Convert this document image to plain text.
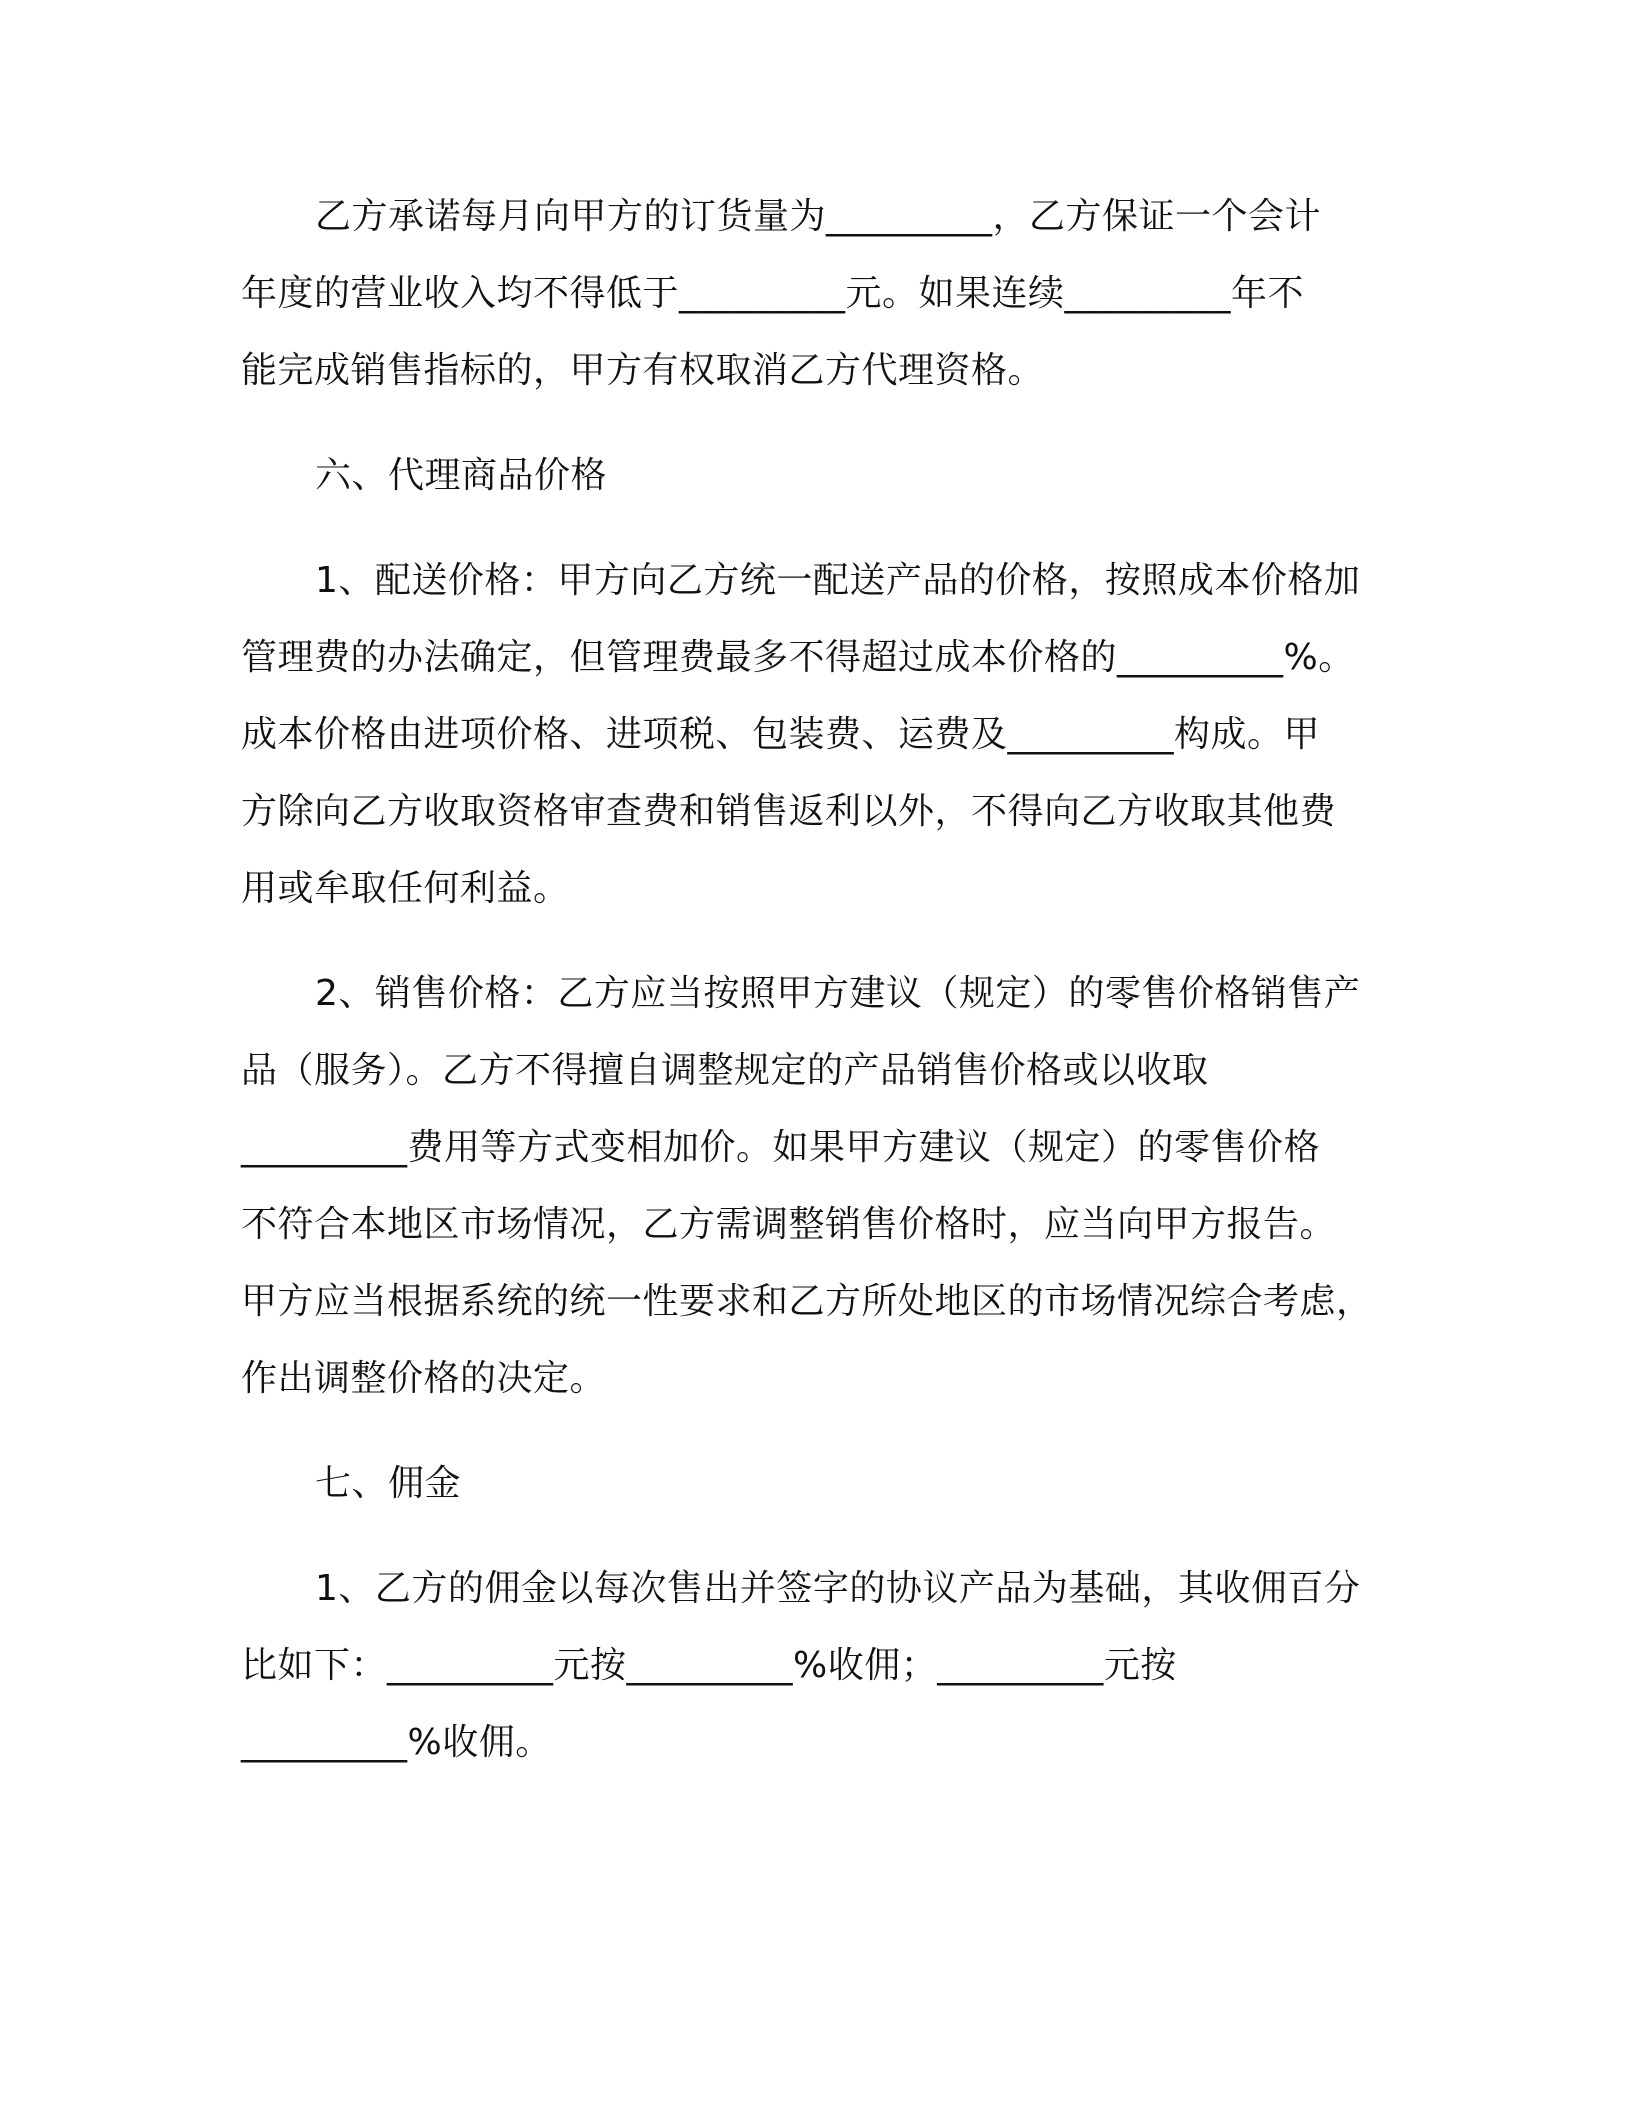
乙方承诺每月向甲方的订货量为_________，乙方保证一个会计
年度的营业收入均不得低于_________元。如果连续_________年不
能完成销售指标的，甲方有权取消乙方代理资格。
六、代理商品价格
1、配送价格：甲方向乙方统一配送产品的价格，按照成本价格加
管理费的办法确定，但管理费最多不得超过成本价格的_________%。
成本价格由进项价格、进项税、包装费、运费及_________构成。甲
方除向乙方收取资格审查费和销售返利以外，不得向乙方收取其他费
用或牟取任何利益。
2、销售价格：乙方应当按照甲方建议（规定）的零售价格销售产
品（服务）。乙方不得擅自调整规定的产品销售价格或以收取
_________费用等方式变相加价。如果甲方建议（规定）的零售价格
不符合本地区市场情况，乙方需调整销售价格时，应当向甲方报告。
甲方应当根据系统的统一性要求和乙方所处地区的市场情况综合考虑，
作出调整价格的决定。
七、佣金
1、乙方的佣金以每次售出并签字的协议产品为基础，其收佣百分
比如下：_________元按_________%收佣；_________元按
_________%收佣。
